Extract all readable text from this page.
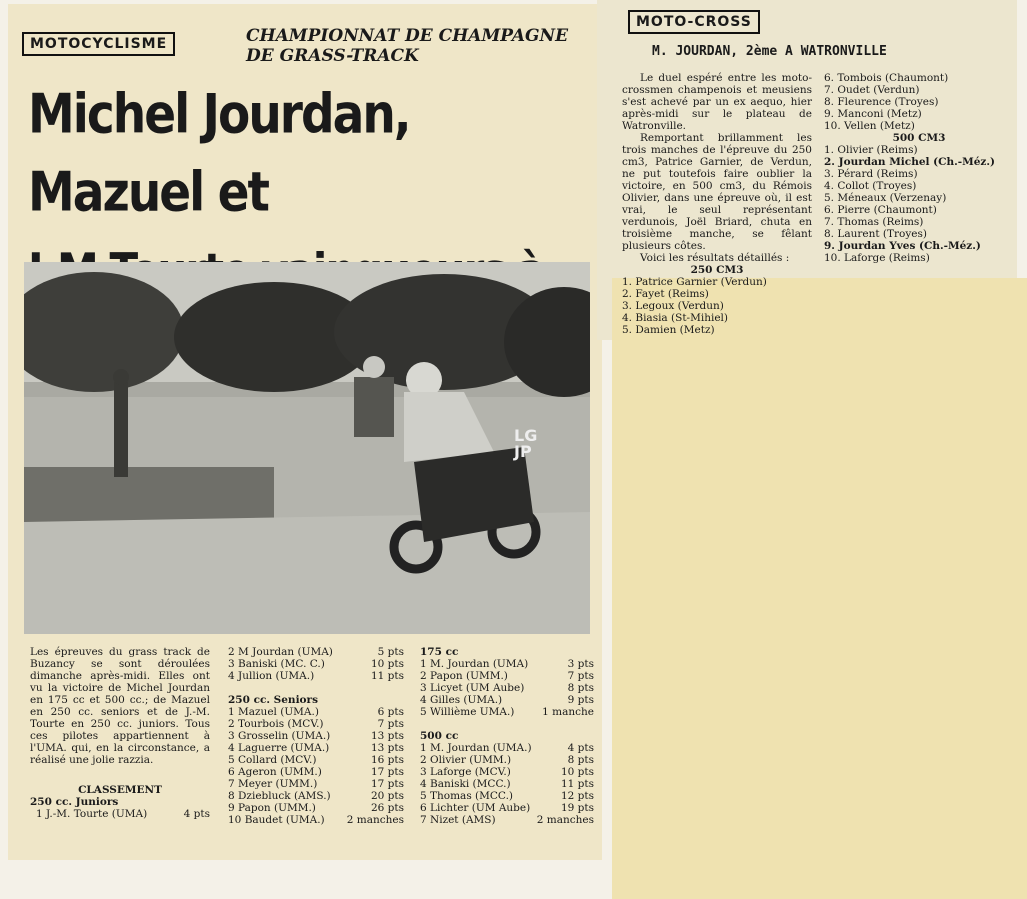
MOTOCYCLISME	CHAMPIONNAT DE CHAMPAGNE
DE GRASS-TRACK
Michel Jourdan, Mazuel et
LG JP
Les épreuves du grass track de Buzancy se sont déroulées dimanche après-midi. Elles ont vu la victoire de Michel Jourdan en 175 cc et 500 cc.; de Mazuel en 250 cc. seniors et de J.-M. Tourte en 250 cc. juniors. Tous ces pilotes appartiennent à l'UMA. qui, en la circonstance, a réalisé une jolie razzia.
CLASSEMENT
250 cc. Juniors
1 J.-M. Tourte (UMA)	4 pts
2 M Jourdan (UMA)	5 pts
3 Baniski (MC. C.)	10 pts
4 Jullion (UMA.)	11 pts
250 cc. Seniors
1 Mazuel (UMA.)	6 pts
2 Tourbois (MCV.)	7 pts
3 Grosselin (UMA.)	13 pts
4 Laguerre (UMA.)	13 pts
5 Collard (MCV.)	16 pts
6 Ageron (UMM.)	17 pts
7 Meyer (UMM.)	17 pts
8 Dziebluck (AMS.)	20 pts
9 Papon (UMM.)	26 pts
10 Baudet (UMA.) 2 manches
175 cc
1 M. Jourdan (UMA)	3 pts
2 Papon (UMM.)	7 pts
3 Licyet (UM Aube)	8 pts
4 Gilles (UMA.)	9 pts
5 Willième UMA.)	1 manche
500 cc
1 M. Jourdan (UMA.)	4 pts
2 Olivier (UMM.)	8 pts
3 Laforge (MCV.)	10 pts
4 Baniski (MCC.)	11 pts
5 Thomas (MCC.)	12 pts
6 Lichter (UM Aube)	19 pts
7 Nizet (AMS)	2 manches
MOTO-CROSS
M. JOURDAN, 2ème A WATRONVILLE
Le duel espéré entre les moto-crossmen champenois et meusiens s'est achevé par un ex aequo, hier après-midi sur le plateau de Watronville.
Remportant brillamment les trois manches de l'épreuve du 250 cm3, Patrice Garnier, de Verdun, ne put toutefois faire oublier la victoire, en 500 cm3, du Rémois Olivier, dans une épreuve où, il est vrai, le seul représentant verdunois, Joël Briard, chuta en troisième manche, se fêlant plusieurs côtes.
Voici les résultats détaillés :
250 CM3
1. Patrice Garnier (Verdun)
2. Fayet (Reims)
3. Legoux (Verdun)
4. Biasia (St-Mihiel)
5. Damien (Metz)
6. Tombois (Chaumont)
7. Oudet (Verdun)
8. Fleurence (Troyes)
9. Manconi (Metz)
10. Vellen (Metz)
500 CM3
1. Olivier (Reims)
2. Jourdan Michel (Ch.-Méz.)
3. Pérard (Reims)
4. Collot (Troyes)
5. Méneaux (Verzenay)
6. Pierre (Chaumont)
7. Thomas (Reims)
8. Laurent (Troyes)
9. Jourdan Yves (Ch.-Méz.)
10. Laforge (Reims)
